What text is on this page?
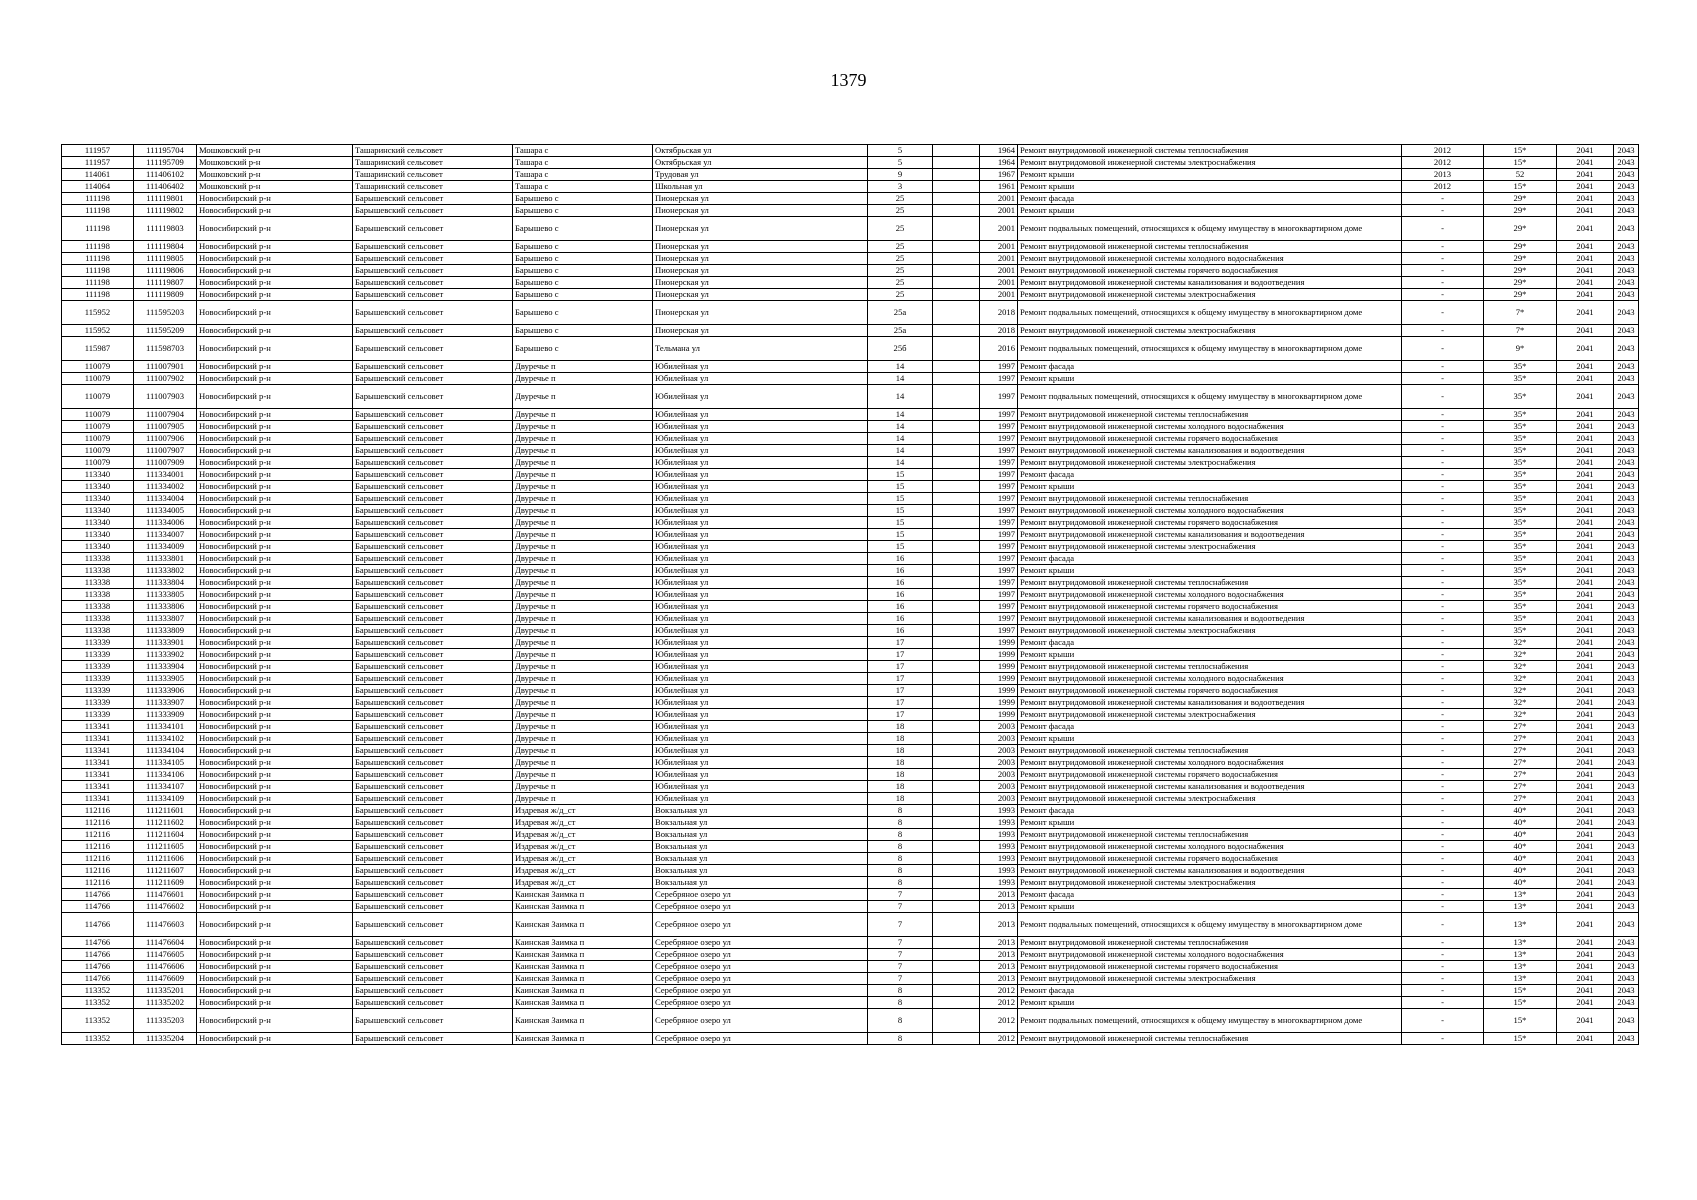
1379
111957	111195704	Мошковский р-н	Ташаринский сельсовет	Ташара с	Октябрьская ул	5		1964	Ремонт внутридомовой инженерной системы теплоснабжения	2012	15*	2041	2043
111957	111195709	Мошковский р-н	Ташаринский сельсовет	Ташара с	Октябрьская ул	5		1964	Ремонт внутридомовой инженерной системы электроснабжения	2012	15*	2041	2043
114061	111406102	Мошковский р-н	Ташаринский сельсовет	Ташара с	Трудовая ул	9		1967	Ремонт крыши	2013	52	2041	2043
114064	111406402	Мошковский р-н	Ташаринский сельсовет	Ташара с	Школьная ул	3		1961	Ремонт крыши	2012	15*	2041	2043
111198	111119801	Новосибирский р-н	Барышевский сельсовет	Барышево с	Пионерская ул	25		2001	Ремонт фасада	-	29*	2041	2043
111198	111119802	Новосибирский р-н	Барышевский сельсовет	Барышево с	Пионерская ул	25		2001	Ремонт крыши	-	29*	2041	2043
111198	111119803	Новосибирский р-н	Барышевский сельсовет	Барышево с	Пионерская ул	25		2001	Ремонт подвальных помещений, относящихся к общему имуществу в многоквартирном доме	-	29*	2041	2043
111198	111119804	Новосибирский р-н	Барышевский сельсовет	Барышево с	Пионерская ул	25		2001	Ремонт внутридомовой инженерной системы теплоснабжения	-	29*	2041	2043
111198	111119805	Новосибирский р-н	Барышевский сельсовет	Барышево с	Пионерская ул	25		2001	Ремонт внутридомовой инженерной системы холодного водоснабжения	-	29*	2041	2043
111198	111119806	Новосибирский р-н	Барышевский сельсовет	Барышево с	Пионерская ул	25		2001	Ремонт внутридомовой инженерной системы горячего водоснабжения	-	29*	2041	2043
111198	111119807	Новосибирский р-н	Барышевский сельсовет	Барышево с	Пионерская ул	25		2001	Ремонт внутридомовой инженерной системы канализования и водоотведения	-	29*	2041	2043
111198	111119809	Новосибирский р-н	Барышевский сельсовет	Барышево с	Пионерская ул	25		2001	Ремонт внутридомовой инженерной системы электроснабжения	-	29*	2041	2043
115952	111595203	Новосибирский р-н	Барышевский сельсовет	Барышево с	Пионерская ул	25а		2018	Ремонт подвальных помещений, относящихся к общему имуществу в многоквартирном доме	-	7*	2041	2043
115952	111595209	Новосибирский р-н	Барышевский сельсовет	Барышево с	Пионерская ул	25а		2018	Ремонт внутридомовой инженерной системы электроснабжения	-	7*	2041	2043
115987	111598703	Новосибирский р-н	Барышевский сельсовет	Барышево с	Тельмана ул	25б		2016	Ремонт подвальных помещений, относящихся к общему имуществу в многоквартирном доме	-	9*	2041	2043
110079	111007901	Новосибирский р-н	Барышевский сельсовет	Двуречье п	Юбилейная ул	14		1997	Ремонт фасада	-	35*	2041	2043
110079	111007902	Новосибирский р-н	Барышевский сельсовет	Двуречье п	Юбилейная ул	14		1997	Ремонт крыши	-	35*	2041	2043
110079	111007903	Новосибирский р-н	Барышевский сельсовет	Двуречье п	Юбилейная ул	14		1997	Ремонт подвальных помещений, относящихся к общему имуществу в многоквартирном доме	-	35*	2041	2043
110079	111007904	Новосибирский р-н	Барышевский сельсовет	Двуречье п	Юбилейная ул	14		1997	Ремонт внутридомовой инженерной системы теплоснабжения	-	35*	2041	2043
110079	111007905	Новосибирский р-н	Барышевский сельсовет	Двуречье п	Юбилейная ул	14		1997	Ремонт внутридомовой инженерной системы холодного водоснабжения	-	35*	2041	2043
110079	111007906	Новосибирский р-н	Барышевский сельсовет	Двуречье п	Юбилейная ул	14		1997	Ремонт внутридомовой инженерной системы горячего водоснабжения	-	35*	2041	2043
110079	111007907	Новосибирский р-н	Барышевский сельсовет	Двуречье п	Юбилейная ул	14		1997	Ремонт внутридомовой инженерной системы канализования и водоотведения	-	35*	2041	2043
110079	111007909	Новосибирский р-н	Барышевский сельсовет	Двуречье п	Юбилейная ул	14		1997	Ремонт внутридомовой инженерной системы электроснабжения	-	35*	2041	2043
113340	111334001	Новосибирский р-н	Барышевский сельсовет	Двуречье п	Юбилейная ул	15		1997	Ремонт фасада	-	35*	2041	2043
113340	111334002	Новосибирский р-н	Барышевский сельсовет	Двуречье п	Юбилейная ул	15		1997	Ремонт крыши	-	35*	2041	2043
113340	111334004	Новосибирский р-н	Барышевский сельсовет	Двуречье п	Юбилейная ул	15		1997	Ремонт внутридомовой инженерной системы теплоснабжения	-	35*	2041	2043
113340	111334005	Новосибирский р-н	Барышевский сельсовет	Двуречье п	Юбилейная ул	15		1997	Ремонт внутридомовой инженерной системы холодного водоснабжения	-	35*	2041	2043
113340	111334006	Новосибирский р-н	Барышевский сельсовет	Двуречье п	Юбилейная ул	15		1997	Ремонт внутридомовой инженерной системы горячего водоснабжения	-	35*	2041	2043
113340	111334007	Новосибирский р-н	Барышевский сельсовет	Двуречье п	Юбилейная ул	15		1997	Ремонт внутридомовой инженерной системы канализования и водоотведения	-	35*	2041	2043
113340	111334009	Новосибирский р-н	Барышевский сельсовет	Двуречье п	Юбилейная ул	15		1997	Ремонт внутридомовой инженерной системы электроснабжения	-	35*	2041	2043
113338	111333801	Новосибирский р-н	Барышевский сельсовет	Двуречье п	Юбилейная ул	16		1997	Ремонт фасада	-	35*	2041	2043
113338	111333802	Новосибирский р-н	Барышевский сельсовет	Двуречье п	Юбилейная ул	16		1997	Ремонт крыши	-	35*	2041	2043
113338	111333804	Новосибирский р-н	Барышевский сельсовет	Двуречье п	Юбилейная ул	16		1997	Ремонт внутридомовой инженерной системы теплоснабжения	-	35*	2041	2043
113338	111333805	Новосибирский р-н	Барышевский сельсовет	Двуречье п	Юбилейная ул	16		1997	Ремонт внутридомовой инженерной системы холодного водоснабжения	-	35*	2041	2043
113338	111333806	Новосибирский р-н	Барышевский сельсовет	Двуречье п	Юбилейная ул	16		1997	Ремонт внутридомовой инженерной системы горячего водоснабжения	-	35*	2041	2043
113338	111333807	Новосибирский р-н	Барышевский сельсовет	Двуречье п	Юбилейная ул	16		1997	Ремонт внутридомовой инженерной системы канализования и водоотведения	-	35*	2041	2043
113338	111333809	Новосибирский р-н	Барышевский сельсовет	Двуречье п	Юбилейная ул	16		1997	Ремонт внутридомовой инженерной системы электроснабжения	-	35*	2041	2043
113339	111333901	Новосибирский р-н	Барышевский сельсовет	Двуречье п	Юбилейная ул	17		1999	Ремонт фасада	-	32*	2041	2043
113339	111333902	Новосибирский р-н	Барышевский сельсовет	Двуречье п	Юбилейная ул	17		1999	Ремонт крыши	-	32*	2041	2043
113339	111333904	Новосибирский р-н	Барышевский сельсовет	Двуречье п	Юбилейная ул	17		1999	Ремонт внутридомовой инженерной системы теплоснабжения	-	32*	2041	2043
113339	111333905	Новосибирский р-н	Барышевский сельсовет	Двуречье п	Юбилейная ул	17		1999	Ремонт внутридомовой инженерной системы холодного водоснабжения	-	32*	2041	2043
113339	111333906	Новосибирский р-н	Барышевский сельсовет	Двуречье п	Юбилейная ул	17		1999	Ремонт внутридомовой инженерной системы горячего водоснабжения	-	32*	2041	2043
113339	111333907	Новосибирский р-н	Барышевский сельсовет	Двуречье п	Юбилейная ул	17		1999	Ремонт внутридомовой инженерной системы канализования и водоотведения	-	32*	2041	2043
113339	111333909	Новосибирский р-н	Барышевский сельсовет	Двуречье п	Юбилейная ул	17		1999	Ремонт внутридомовой инженерной системы электроснабжения	-	32*	2041	2043
113341	111334101	Новосибирский р-н	Барышевский сельсовет	Двуречье п	Юбилейная ул	18		2003	Ремонт фасада	-	27*	2041	2043
113341	111334102	Новосибирский р-н	Барышевский сельсовет	Двуречье п	Юбилейная ул	18		2003	Ремонт крыши	-	27*	2041	2043
113341	111334104	Новосибирский р-н	Барышевский сельсовет	Двуречье п	Юбилейная ул	18		2003	Ремонт внутридомовой инженерной системы теплоснабжения	-	27*	2041	2043
113341	111334105	Новосибирский р-н	Барышевский сельсовет	Двуречье п	Юбилейная ул	18		2003	Ремонт внутридомовой инженерной системы холодного водоснабжения	-	27*	2041	2043
113341	111334106	Новосибирский р-н	Барышевский сельсовет	Двуречье п	Юбилейная ул	18		2003	Ремонт внутридомовой инженерной системы горячего водоснабжения	-	27*	2041	2043
113341	111334107	Новосибирский р-н	Барышевский сельсовет	Двуречье п	Юбилейная ул	18		2003	Ремонт внутридомовой инженерной системы канализования и водоотведения	-	27*	2041	2043
113341	111334109	Новосибирский р-н	Барышевский сельсовет	Двуречье п	Юбилейная ул	18		2003	Ремонт внутридомовой инженерной системы электроснабжения	-	27*	2041	2043
112116	111211601	Новосибирский р-н	Барышевский сельсовет	Издревая ж/д_ст	Вокзальная ул	8		1993	Ремонт фасада	-	40*	2041	2043
112116	111211602	Новосибирский р-н	Барышевский сельсовет	Издревая ж/д_ст	Вокзальная ул	8		1993	Ремонт крыши	-	40*	2041	2043
112116	111211604	Новосибирский р-н	Барышевский сельсовет	Издревая ж/д_ст	Вокзальная ул	8		1993	Ремонт внутридомовой инженерной системы теплоснабжения	-	40*	2041	2043
112116	111211605	Новосибирский р-н	Барышевский сельсовет	Издревая ж/д_ст	Вокзальная ул	8		1993	Ремонт внутридомовой инженерной системы холодного водоснабжения	-	40*	2041	2043
112116	111211606	Новосибирский р-н	Барышевский сельсовет	Издревая ж/д_ст	Вокзальная ул	8		1993	Ремонт внутридомовой инженерной системы горячего водоснабжения	-	40*	2041	2043
112116	111211607	Новосибирский р-н	Барышевский сельсовет	Издревая ж/д_ст	Вокзальная ул	8		1993	Ремонт внутридомовой инженерной системы канализования и водоотведения	-	40*	2041	2043
112116	111211609	Новосибирский р-н	Барышевский сельсовет	Издревая ж/д_ст	Вокзальная ул	8		1993	Ремонт внутридомовой инженерной системы электроснабжения	-	40*	2041	2043
114766	111476601	Новосибирский р-н	Барышевский сельсовет	Каинская Заимка п	Серебряное озеро ул	7		2013	Ремонт фасада	-	13*	2041	2043
114766	111476602	Новосибирский р-н	Барышевский сельсовет	Каинская Заимка п	Серебряное озеро ул	7		2013	Ремонт крыши	-	13*	2041	2043
114766	111476603	Новосибирский р-н	Барышевский сельсовет	Каинская Заимка п	Серебряное озеро ул	7		2013	Ремонт подвальных помещений, относящихся к общему имуществу в многоквартирном доме	-	13*	2041	2043
114766	111476604	Новосибирский р-н	Барышевский сельсовет	Каинская Заимка п	Серебряное озеро ул	7		2013	Ремонт внутридомовой инженерной системы теплоснабжения	-	13*	2041	2043
114766	111476605	Новосибирский р-н	Барышевский сельсовет	Каинская Заимка п	Серебряное озеро ул	7		2013	Ремонт внутридомовой инженерной системы холодного водоснабжения	-	13*	2041	2043
114766	111476606	Новосибирский р-н	Барышевский сельсовет	Каинская Заимка п	Серебряное озеро ул	7		2013	Ремонт внутридомовой инженерной системы горячего водоснабжения	-	13*	2041	2043
114766	111476609	Новосибирский р-н	Барышевский сельсовет	Каинская Заимка п	Серебряное озеро ул	7		2013	Ремонт внутридомовой инженерной системы электроснабжения	-	13*	2041	2043
113352	111335201	Новосибирский р-н	Барышевский сельсовет	Каинская Заимка п	Серебряное озеро ул	8		2012	Ремонт фасада	-	15*	2041	2043
113352	111335202	Новосибирский р-н	Барышевский сельсовет	Каинская Заимка п	Серебряное озеро ул	8		2012	Ремонт крыши	-	15*	2041	2043
113352	111335203	Новосибирский р-н	Барышевский сельсовет	Каинская Заимка п	Серебряное озеро ул	8		2012	Ремонт подвальных помещений, относящихся к общему имуществу в многоквартирном доме	-	15*	2041	2043
113352	111335204	Новосибирский р-н	Барышевский сельсовет	Каинская Заимка п	Серебряное озеро ул	8		2012	Ремонт внутридомовой инженерной системы теплоснабжения	-	15*	2041	2043
